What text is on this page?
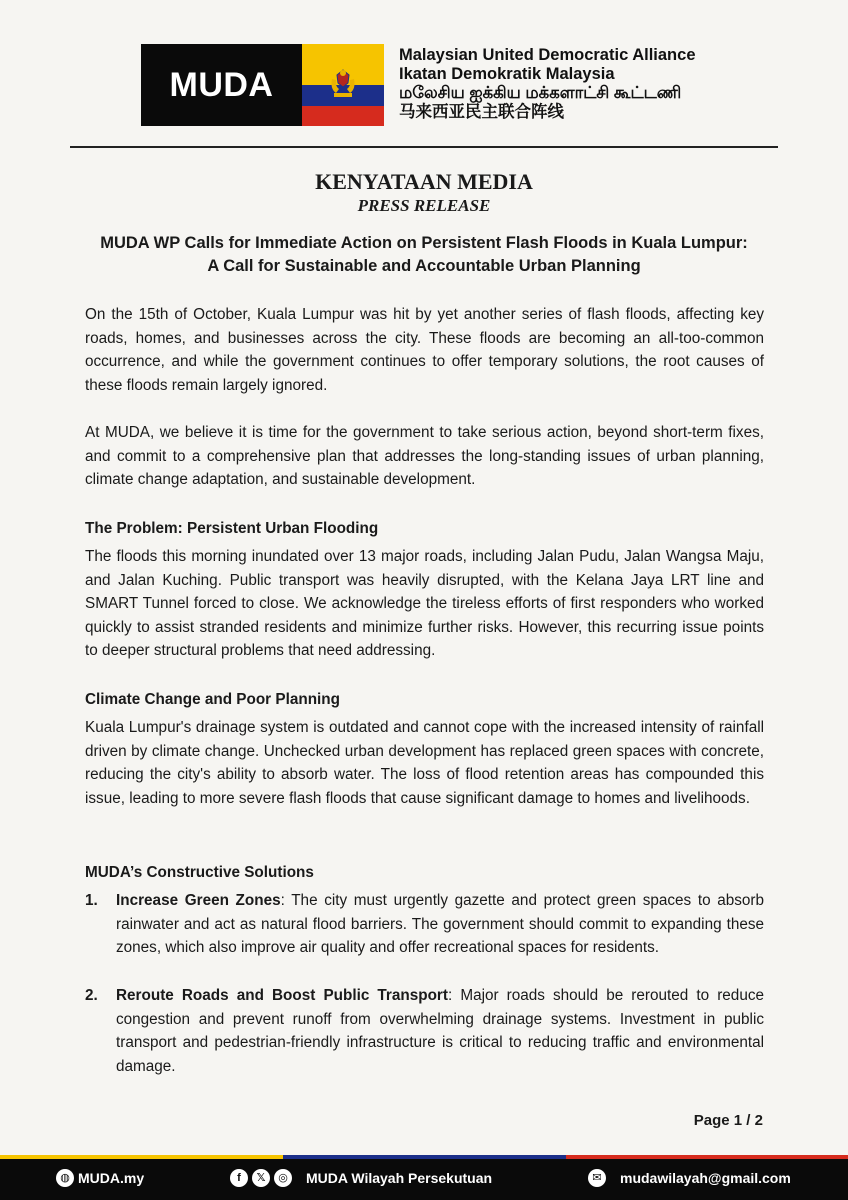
MUDA
Malaysian United Democratic Alliance
Ikatan Demokratik Malaysia
மலேசிய ஐக்கிய மக்களாட்சி கூட்டணி
马来西亚民主联合阵线
KENYATAAN MEDIA
PRESS RELEASE
MUDA WP Calls for Immediate Action on Persistent Flash Floods in Kuala Lumpur:
A Call for Sustainable and Accountable Urban Planning
On the 15th of October, Kuala Lumpur was hit by yet another series of flash floods, affecting key roads, homes, and businesses across the city. These floods are becoming an all-too-common occurrence, and while the government continues to offer temporary solutions, the root causes of these floods remain largely ignored.
At MUDA, we believe it is time for the government to take serious action, beyond short-term fixes, and commit to a comprehensive plan that addresses the long-standing issues of urban planning, climate change adaptation, and sustainable development.
The Problem: Persistent Urban Flooding
The floods this morning inundated over 13 major roads, including Jalan Pudu, Jalan Wangsa Maju, and Jalan Kuching. Public transport was heavily disrupted, with the Kelana Jaya LRT line and SMART Tunnel forced to close. We acknowledge the tireless efforts of first responders who worked quickly to assist stranded residents and minimize further risks. However, this recurring issue points to deeper structural problems that need addressing.
Climate Change and Poor Planning
Kuala Lumpur's drainage system is outdated and cannot cope with the increased intensity of rainfall driven by climate change. Unchecked urban development has replaced green spaces with concrete, reducing the city's ability to absorb water. The loss of flood retention areas has compounded this issue, leading to more severe flash floods that cause significant damage to homes and livelihoods.
MUDA’s Constructive Solutions
1. Increase Green Zones: The city must urgently gazette and protect green spaces to absorb rainwater and act as natural flood barriers. The government should commit to expanding these zones, which also improve air quality and offer recreational spaces for residents.
2. Reroute Roads and Boost Public Transport: Major roads should be rerouted to reduce congestion and prevent runoff from overwhelming drainage systems. Investment in public transport and pedestrian-friendly infrastructure is critical to reducing traffic and environmental damage.
Page 1 / 2
◍ MUDA.my	f	𝕏	◎	MUDA Wilayah Persekutuan	✉	mudawilayah@gmail.com
